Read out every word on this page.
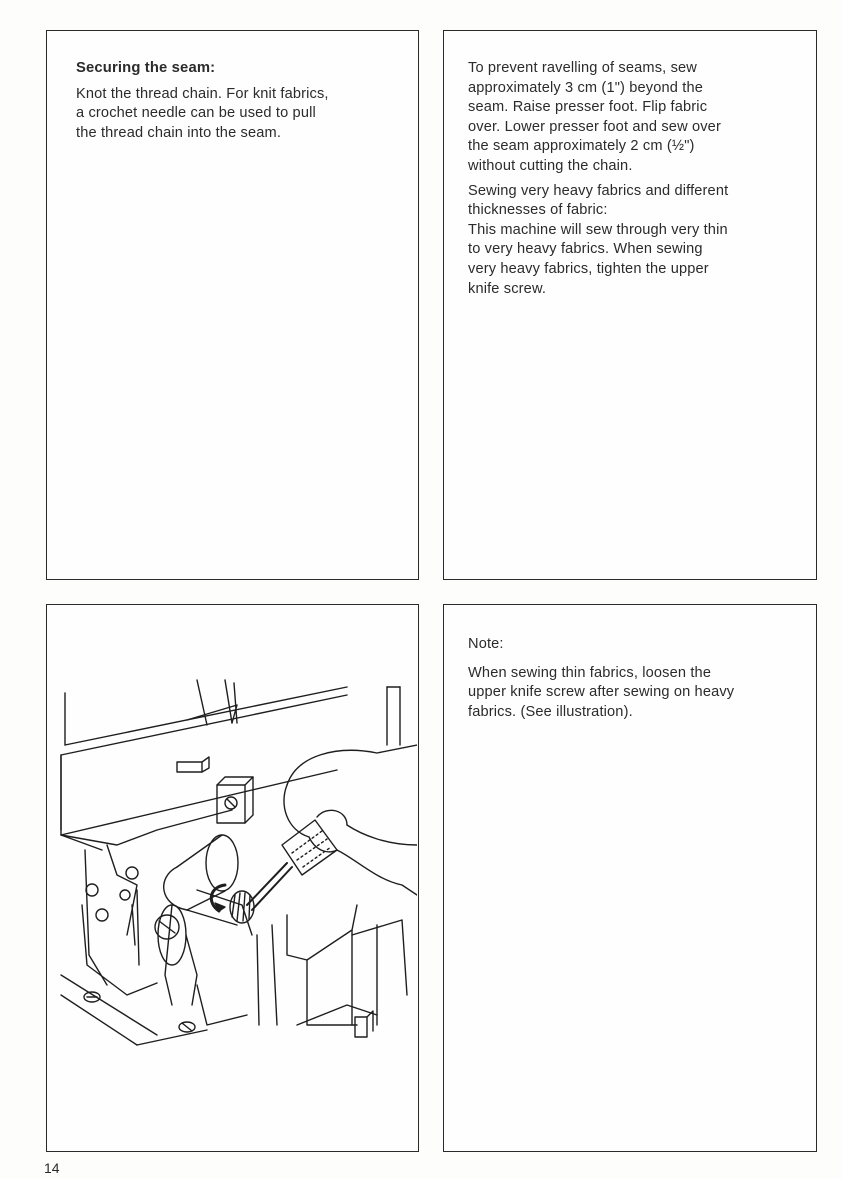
Securing the seam:

Knot the thread chain. For knit fabrics,
a crochet needle can be used to pull
the thread chain into the seam.

To prevent ravelling of seams, sew
approximately 3 cm (1") beyond the
seam. Raise presser foot. Flip fabric
over. Lower presser foot and sew over
the seam approximately 2 cm (½")
without cutting the chain.

Sewing very heavy fabrics and different
thicknesses of fabric:
This machine will sew through very thin
to very heavy fabrics. When sewing
very heavy fabrics, tighten the upper
knife screw.

Note:

When sewing thin fabrics, loosen the
upper knife screw after sewing on heavy
fabrics. (See illustration).

14
